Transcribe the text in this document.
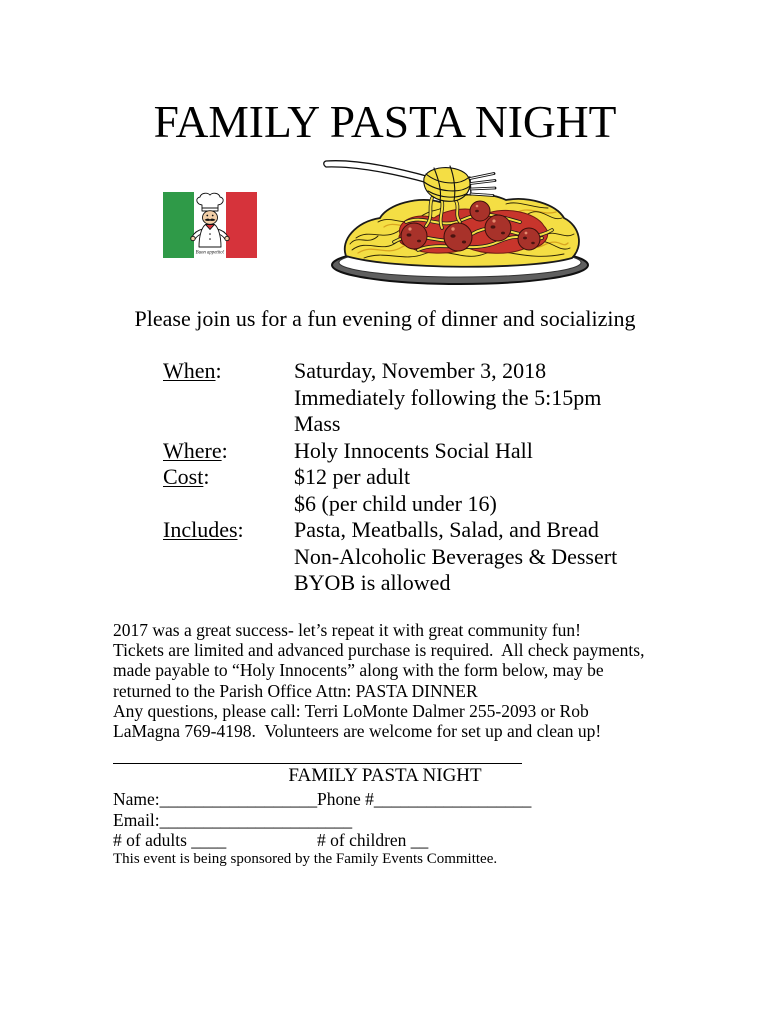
FAMILY PASTA NIGHT
Buon appetito!
Please join us for a fun evening of dinner and socializing
When:	Saturday, November 3, 2018
Immediately following the 5:15pm
Mass
Where:	Holy Innocents Social Hall
Cost:	$12 per adult
$6 (per child under 16)
Includes:	Pasta, Meatballs, Salad, and Bread
Non-Alcoholic Beverages & Dessert
BYOB is allowed
2017 was a great success- let’s repeat it with great community fun!
Tickets are limited and advanced purchase is required.  All check payments,
made payable to “Holy Innocents” along with the form below, may be
returned to the Parish Office Attn: PASTA DINNER
Any questions, please call: Terri LoMonte Dalmer 255-2093 or Rob
LaMagna 769-4198.  Volunteers are welcome for set up and clean up!
FAMILY PASTA NIGHT
Name:__________________ Phone #__________________
Email:______________________
# of adults ____	# of children __
This event is being sponsored by the Family Events Committee.
